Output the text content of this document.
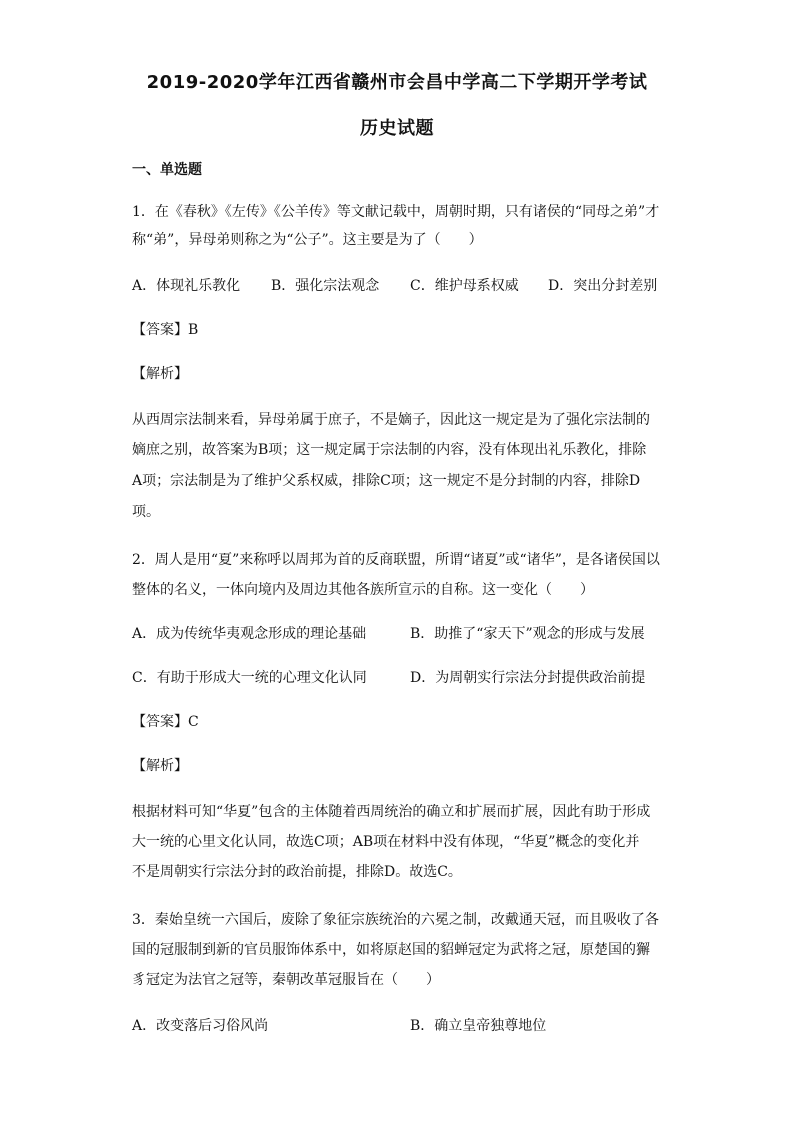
2019-2020学年江西省赣州市会昌中学高二下学期开学考试
历史试题
一、单选题
1．在《春秋》《左传》《公羊传》等文献记载中，周朝时期，只有诸侯的“同母之弟”才
称“弟”，异母弟则称之为“公子”。这主要是为了（　　）
A．体现礼乐教化 B．强化宗法观念 C．维护母系权威 D．突出分封差别
【答案】B
【解析】
从西周宗法制来看，异母弟属于庶子，不是嫡子，因此这一规定是为了强化宗法制的
嫡庶之别，故答案为B项；这一规定属于宗法制的内容，没有体现出礼乐教化，排除
A项；宗法制是为了维护父系权威，排除C项；这一规定不是分封制的内容，排除D
项。
2．周人是用“夏”来称呼以周邦为首的反商联盟，所谓“诸夏”或“诸华”，是各诸侯国以
整体的名义，一体向境内及周边其他各族所宣示的自称。这一变化（　　）
A．成为传统华夷观念形成的理论基础	B．助推了“家天下”观念的形成与发展
C．有助于形成大一统的心理文化认同	D．为周朝实行宗法分封提供政治前提
【答案】C
【解析】
根据材料可知“华夏”包含的主体随着西周统治的确立和扩展而扩展，因此有助于形成
大一统的心里文化认同，故选C项；AB项在材料中没有体现，“华夏”概念的变化并
不是周朝实行宗法分封的政治前提，排除D。故选C。
3．秦始皇统一六国后，废除了象征宗族统治的六冕之制，改戴通天冠，而且吸收了各
国的冠服制到新的官员服饰体系中，如将原赵国的貂蝉冠定为武将之冠，原楚国的獬
豸冠定为法官之冠等，秦朝改革冠服旨在（　　）
A．改变落后习俗风尚	B．确立皇帝独尊地位
